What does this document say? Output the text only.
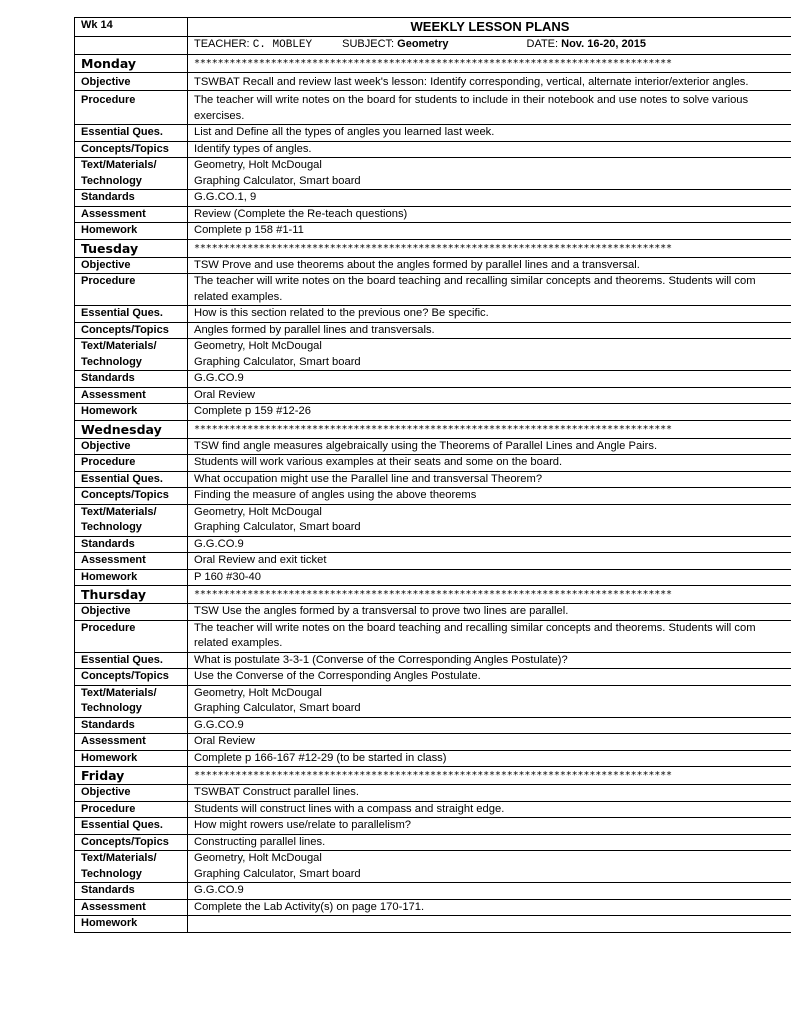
Wk 14	WEEKLY LESSON PLANS
	TEACHER: C. MOBLEY SUBJECT: Geometry DATE: Nov. 16-20, 2015
Monday	*********************************************************************************
Objective	TSWBAT Recall and review last week's lesson: Identify corresponding, vertical, alternate interior/exterior angles.
Procedure	The teacher will write notes on the board for students to include in their notebook and use notes to solve various
exercises.

Essential Ques.	List and Define all the types of angles you learned last week.
Concepts/Topics	Identify types of angles.

Text/Materials/
Technology	Geometry, Holt McDougal
Graphing Calculator, Smart board

Standards	G.G.CO.1, 9
Assessment	Review (Complete the Re-teach questions)
Homework	Complete p 158 #1-11
Tuesday	*********************************************************************************
Objective	TSW Prove and use theorems about the angles formed by parallel lines and a transversal.
Procedure	The teacher will write notes on the board teaching and recalling similar concepts and theorems. Students will com
related examples.

Essential Ques.	How is this section related to the previous one? Be specific.
Concepts/Topics	Angles formed by parallel lines and transversals.

Text/Materials/
Technology	Geometry, Holt McDougal
Graphing Calculator, Smart board

Standards	G.G.CO.9
Assessment	Oral Review
Homework	Complete p 159 #12-26
Wednesday	*********************************************************************************
Objective	TSW find angle measures algebraically using the Theorems of Parallel Lines and Angle Pairs.
Procedure	Students will work various examples at their seats and some on the board.

Essential Ques.	What occupation might use the Parallel line and transversal Theorem?
Concepts/Topics	Finding the measure of angles using the above theorems

Text/Materials/
Technology	Geometry, Holt McDougal
Graphing Calculator, Smart board

Standards	G.G.CO.9
Assessment	Oral Review and exit ticket
Homework	P 160 #30-40
Thursday	*********************************************************************************
Objective	TSW Use the angles formed by a transversal to prove two lines are parallel.
Procedure	The teacher will write notes on the board teaching and recalling similar concepts and theorems. Students will com
related examples.

Essential Ques.	What is postulate 3-3-1 (Converse of the Corresponding Angles Postulate)?
Concepts/Topics	Use the Converse of the Corresponding Angles Postulate.

Text/Materials/
Technology	Geometry, Holt McDougal
Graphing Calculator, Smart board

Standards	G.G.CO.9
Assessment	Oral Review
Homework	Complete p 166-167 #12-29 (to be started in class)
Friday	*********************************************************************************
Objective	TSWBAT Construct parallel lines.
Procedure	Students will construct lines with a compass and straight edge.

Essential Ques.	How might rowers use/relate to parallelism?
Concepts/Topics	Constructing parallel lines.

Text/Materials/
Technology	Geometry, Holt McDougal
Graphing Calculator, Smart board

Standards	G.G.CO.9
Assessment	Complete the Lab Activity(s) on page 170-171.
Homework	
